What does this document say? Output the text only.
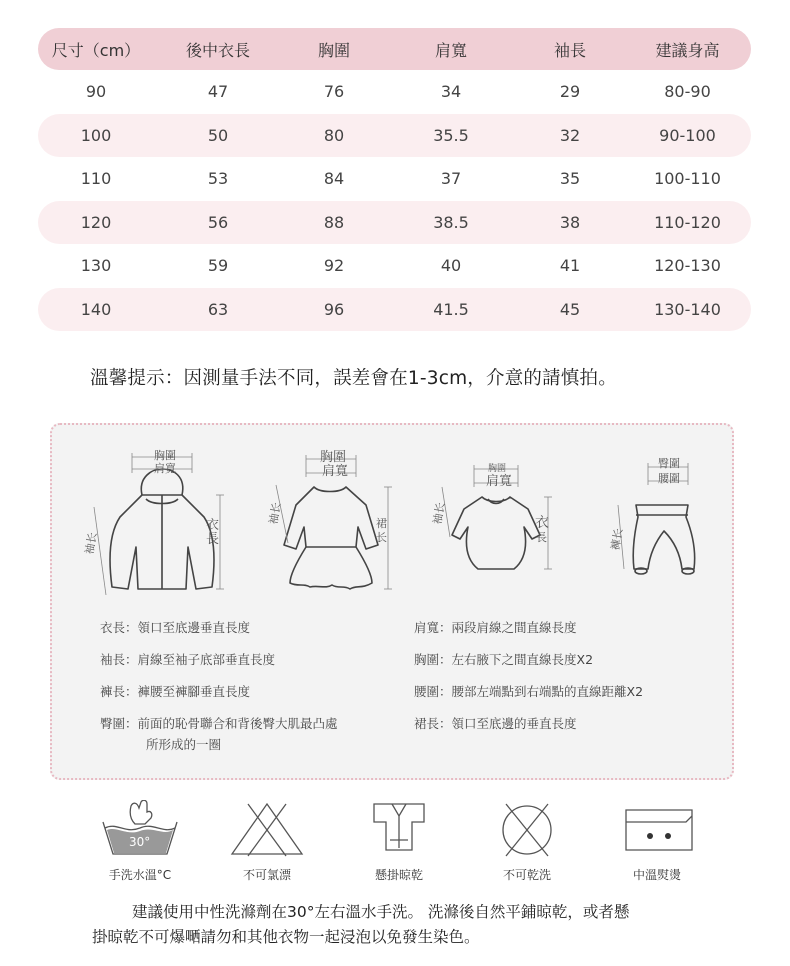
尺寸（cm）	後中衣長	胸圍	肩寬	袖長	建議身高
90	47	76	34	29	80-90
100	50	80	35.5	32	90-100
110	53	84	37	35	100-110
120	56	88	38.5	38	110-120
130	59	92	40	41	120-130
140	63	96	41.5	45	130-140
溫馨提示：因測量手法不同，誤差會在1-3cm，介意的請慎拍。
胸圍
肩寬
衣
長
袖长
胸圍
肩寬
袖长	裙
长
胸圍
肩寬
袖长	衣
長
臀圍
腰圍
褲长
衣長：領口至底邊垂直長度
袖長：肩線至袖子底部垂直長度
褲長：褲腰至褲腳垂直長度
臀圍：前面的恥骨聯合和背後臀大肌最凸處
所形成的一圈
肩寬：兩段肩線之間直線長度
胸圍：左右腋下之間直線長度X2
腰圍：腰部左端點到右端點的直線距離X2
裙長：領口至底邊的垂直長度
30°
手洗水溫°C	不可氯漂	懸掛晾乾	不可乾洗	中溫熨燙
建議使用中性洗滌劑在30°左右溫水手洗。 洗滌後自然平鋪晾乾，或者懸
掛晾乾不可爆嗮請勿和其他衣物一起浸泡以免發生染色。
